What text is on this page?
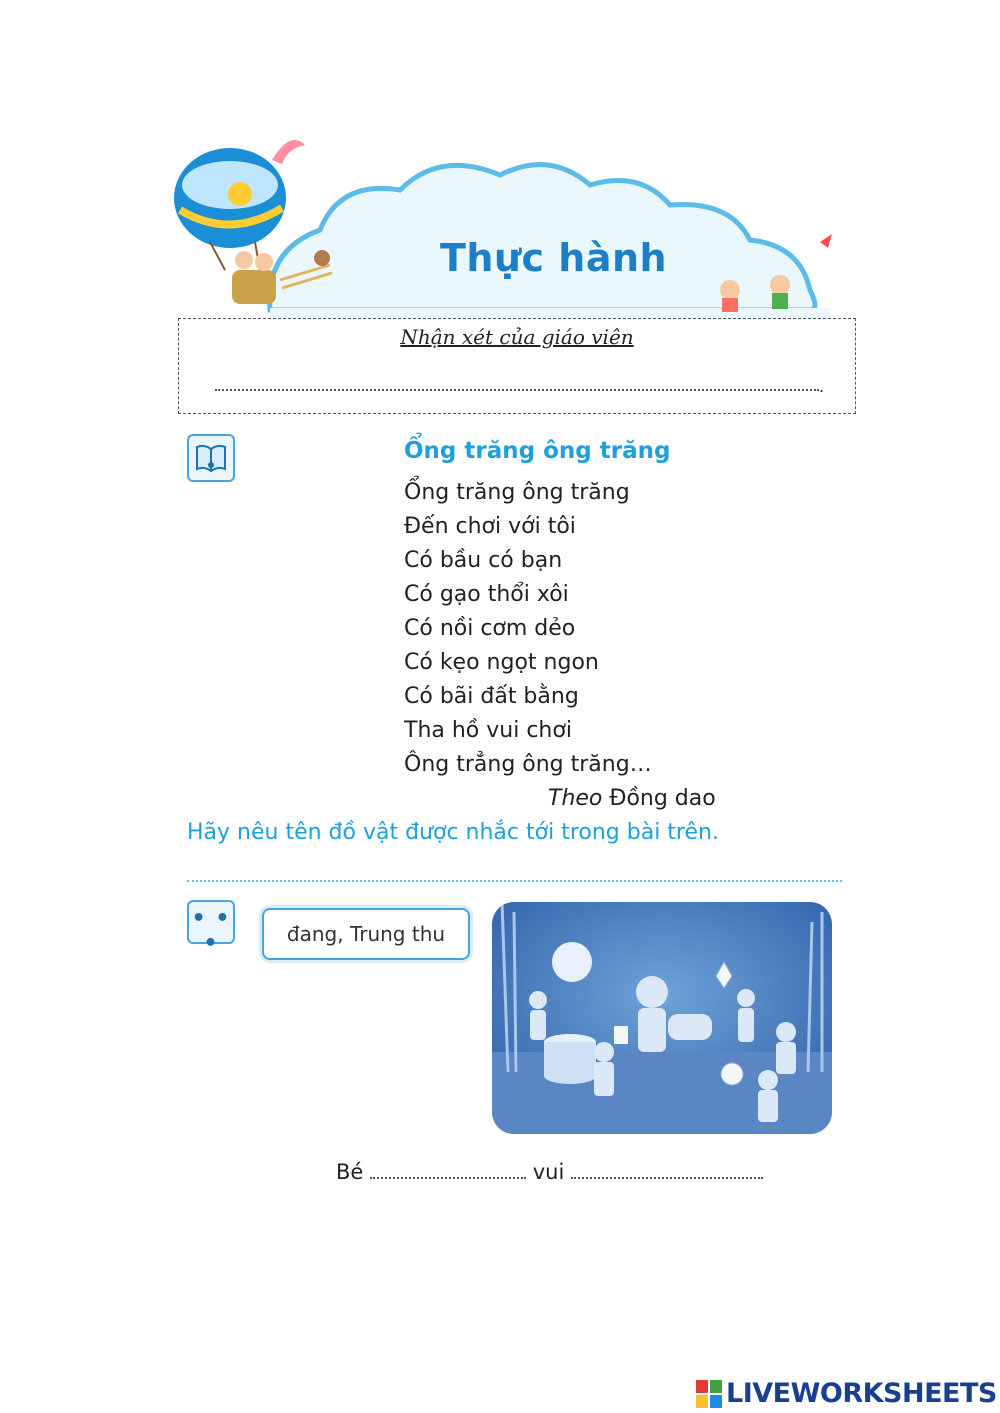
Thực hành
Nhận xét của giáo viên
.
Ổng trăng ông trăng
Ổng trăng ông trăng
Đến chơi với tôi
Có bầu có bạn
Có gạo thổi xôi
Có nồi cơm dẻo
Có kẹo ngọt ngon
Có bãi đất bằng
Tha hồ vui chơi
Ông trẳng ông trăng…
Theo Đồng dao
Hãy nêu tên đồ vật được nhắc tới trong bài trên.
• • •	đang, Trung thu
Bé	vui
LIVEWORKSHEETS
